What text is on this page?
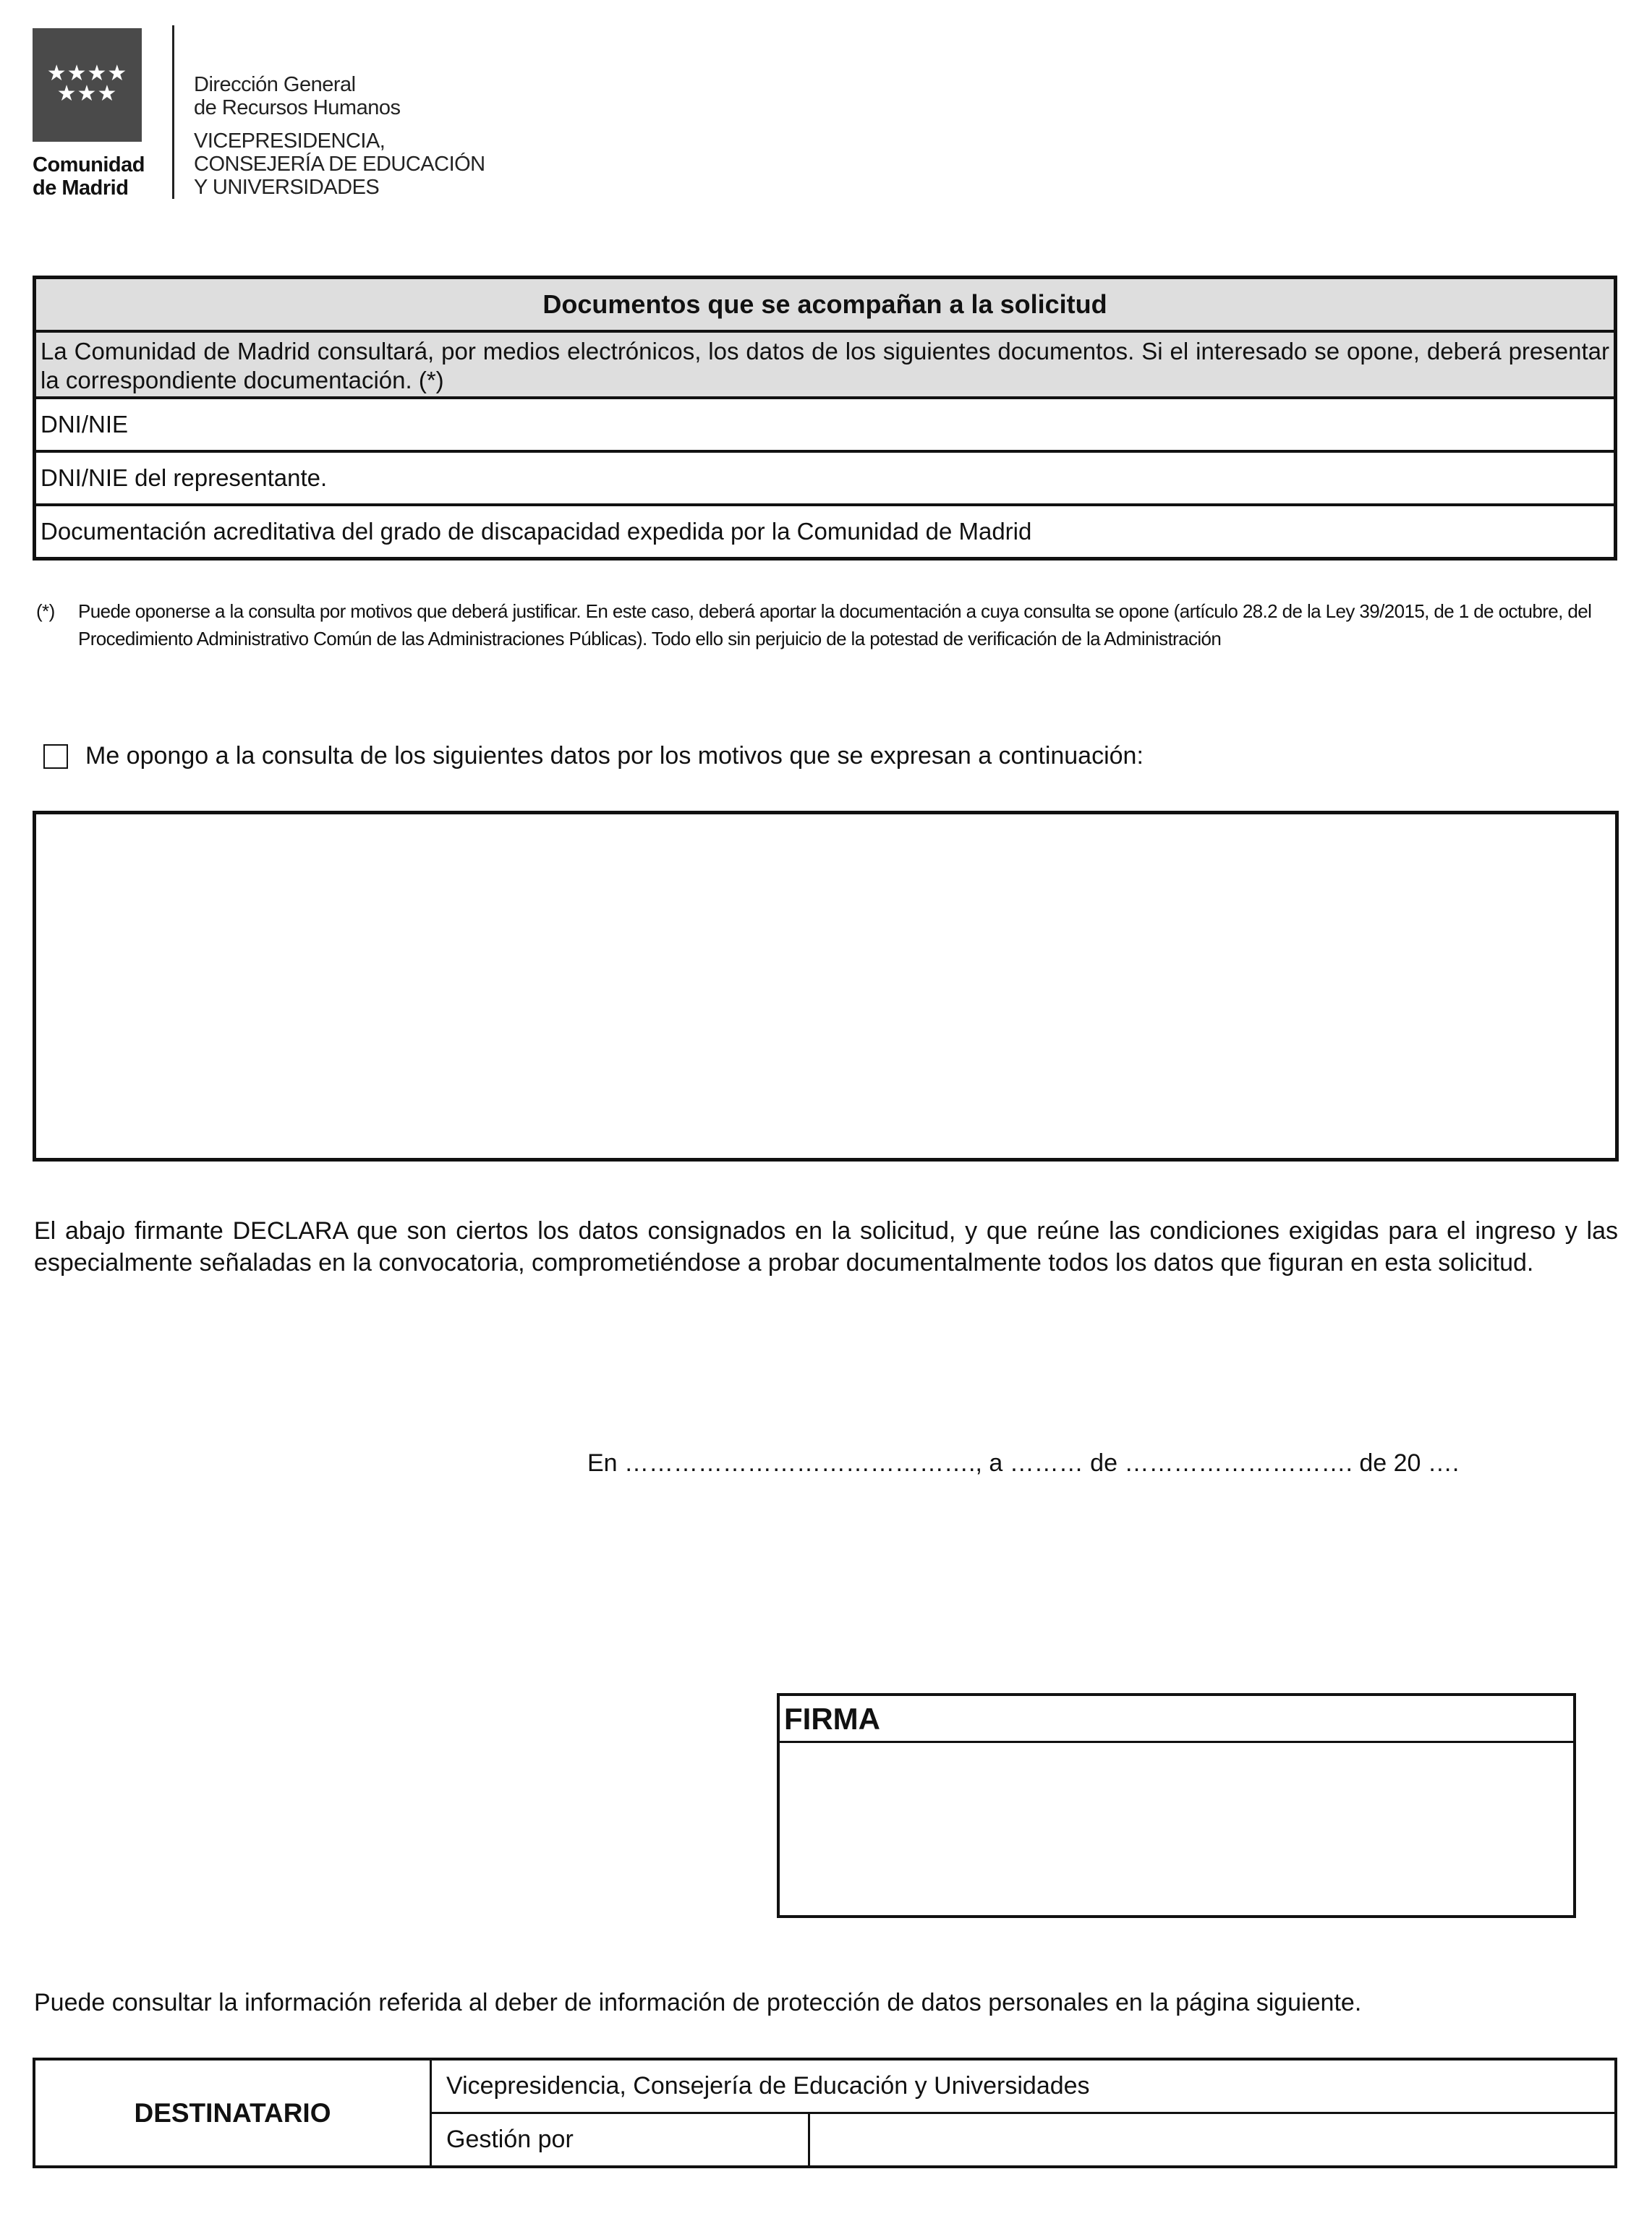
★★★★
★★★
Comunidad
de Madrid
Dirección General
de Recursos Humanos
VICEPRESIDENCIA,
CONSEJERÍA DE EDUCACIÓN
Y UNIVERSIDADES
Documentos que se acompañan a la solicitud
La Comunidad de Madrid consultará, por medios electrónicos, los datos de los siguientes documentos. Si el interesado se opone, deberá presentar la correspondiente documentación. (*)
DNI/NIE
DNI/NIE del representante.
Documentación acreditativa del grado de discapacidad expedida por la Comunidad de Madrid
(*) Puede oponerse a la consulta por motivos que deberá justificar. En este caso, deberá aportar la documentación a cuya consulta se opone (artículo 28.2 de la Ley 39/2015, de 1 de octubre, del Procedimiento Administrativo Común de las Administraciones Públicas). Todo ello sin perjuicio de la potestad de verificación de la Administración
Me opongo a la consulta de los siguientes datos por los motivos que se expresan a continuación:
El abajo firmante DECLARA que son ciertos los datos consignados en la solicitud, y que reúne las condiciones exigidas para el ingreso y las especialmente señaladas en la convocatoria, comprometiéndose a probar documentalmente todos los datos que figuran en esta solicitud.
En ……………………………………., a ……… de ………………………. de 20 ….
FIRMA
Puede consultar la información referida al deber de información de protección de datos personales en la página siguiente.
DESTINATARIO	Vicepresidencia, Consejería de Educación y Universidades	
	Gestión por	
